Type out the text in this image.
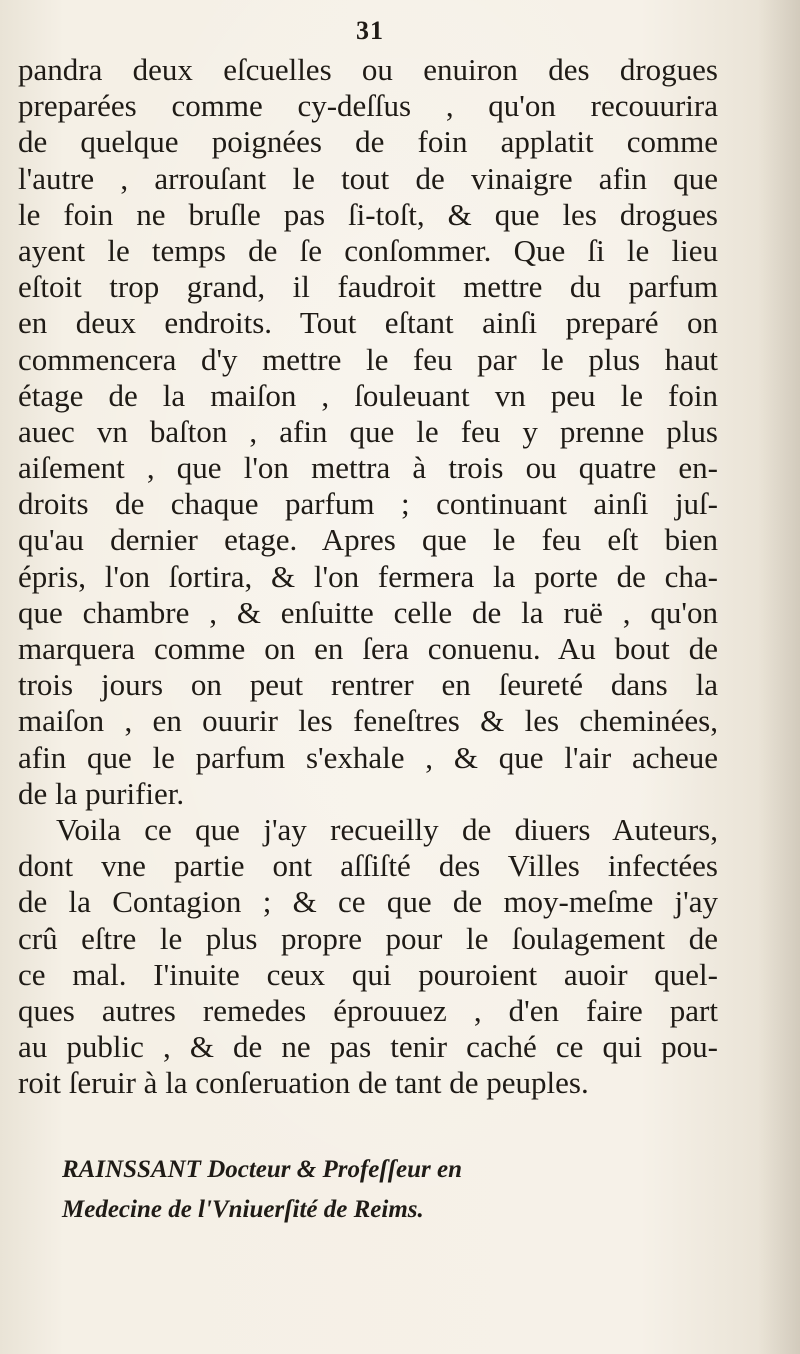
31
pandra deux eſcuelles ou enuiron des drogues
preparées comme cy-deſſus , qu'on recouurira
de quelque poignées de foin applatit comme
l'autre , arrouſant le tout de vinaigre afin que
le foin ne bruſle pas ſi-toſt, & que les drogues
ayent le temps de ſe conſommer. Que ſi le lieu
eſtoit trop grand, il faudroit mettre du parfum
en deux endroits. Tout eſtant ainſi preparé on
commencera d'y mettre le feu par le plus haut
étage de la maiſon , ſouleuant vn peu le foin
auec vn baſton , afin que le feu y prenne plus
aiſement , que l'on mettra à trois ou quatre en-
droits de chaque parfum ; continuant ainſi juſ-
qu'au dernier etage. Apres que le feu eſt bien
épris, l'on ſortira, & l'on fermera la porte de cha-
que chambre , & enſuitte celle de la ruë , qu'on
marquera comme on en ſera conuenu. Au bout de
trois jours on peut rentrer en ſeureté dans la
maiſon , en ouurir les feneſtres & les cheminées,
afin que le parfum s'exhale , & que l'air acheue
de la purifier.
Voila ce que j'ay recueilly de diuers Auteurs,
dont vne partie ont aſſiſté des Villes infectées
de la Contagion ; & ce que de moy-meſme j'ay
crû eſtre le plus propre pour le ſoulagement de
ce mal. I'inuite ceux qui pouroient auoir quel-
ques autres remedes éprouuez , d'en faire part
au public , & de ne pas tenir caché ce qui pou-
roit ſeruir à la conſeruation de tant de peuples.
RAINSSANT Docteur & Profeſſeur en
Medecine de l'Vniuerſité de Reims.
